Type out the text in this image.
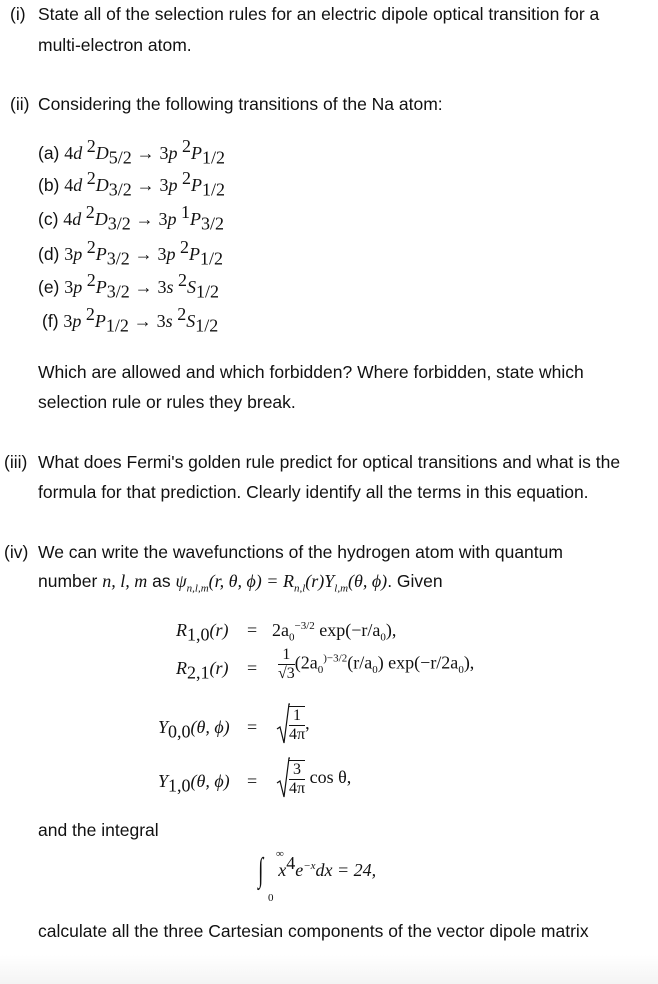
(i) State all of the selection rules for an electric dipole optical transition for a
multi-electron atom.
(ii) Considering the following transitions of the Na atom:
(a) 4d $^2D_{5/2} \to 3p$ $^2P_{1/2}$
(b) 4d $^2D_{3/2} \to 3p$ $^2P_{1/2}$
(c) 4d $^2D_{3/2} \to 3p$ $^1P_{3/2}$
(d) 3p $^2P_{3/2} \to 3p$ $^2P_{1/2}$
(e) 3p $^2P_{3/2} \to 3s$ $^2S_{1/2}$
(f) 3p $^2P_{1/2} \to 3s$ $^2S_{1/2}$
Which are allowed and which forbidden? Where forbidden, state which
selection rule or rules they break.
(iii) What does Fermi's golden rule predict for optical transitions and what is the
formula for that prediction. Clearly identify all the terms in this equation.
(iv) We can write the wavefunctions of the hydrogen atom with quantum
number n, l, m as $\psi_{n,l,m}(r$, θ, $\phi) = R_{n,l}(r)Y_{l,m}(\theta$, ϕ). Given
$R_{1,0}(r) = 2a_0^{-3/2}$ $\exp(-r/a_0)$,
$R_{2,1}(r) = \frac{1}{√3} (2a_0^{)-3/2}(r/a_0)$ $\exp(-r/2a_0)$,
$Y_{0,0}(\theta$, $\phi) = \frac{1}{4\pi}$ ,
$Y_{1,0}(\theta$, $\phi) = \frac{3}{4\pi}$ cos θ,
and the integral
∫ ∞
0
$x^4e^{-x}dx = 24$,
calculate all the three Cartesian components of the vector dipole matrix
